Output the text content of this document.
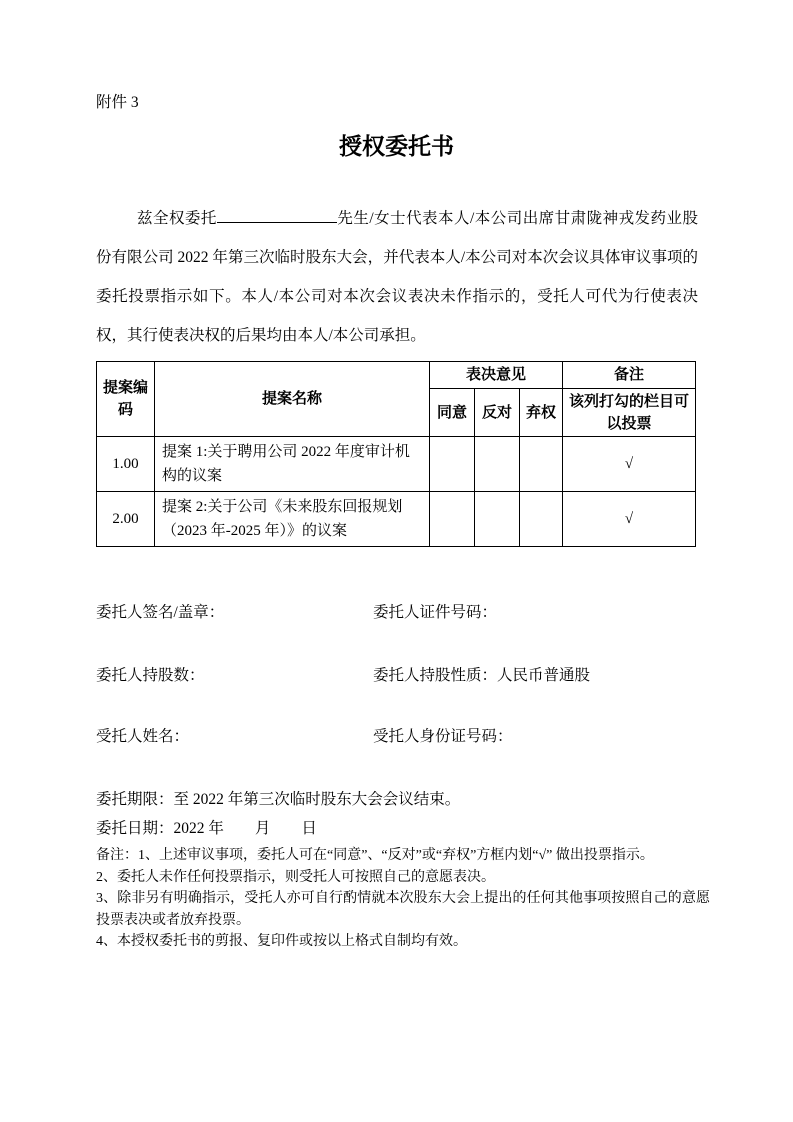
附件 3
授权委托书

兹全权委托	先生/女士代表本人/本公司出席甘肃陇神戎发药业股份有限公司 2022 年第三次临时股东大会，并代表本人/本公司对本次会议具体审议事项的委托投票指示如下。本人/本公司对本次会议表决未作指示的，受托人可代为行使表决权，其行使表决权的后果均由本人/本公司承担。

提案编码	提案名称	表决意见			备注
		同意	反对	弃权	该列打勾的栏目可以投票
1.00	提案 1:关于聘用公司 2022 年度审计机构的议案				√
2.00	提案 2:关于公司《未来股东回报规划（2023 年-2025 年）》的议案				√
委托人签名/盖章：	委托人证件号码：
委托人持股数：	委托人持股性质：人民币普通股
受托人姓名：	受托人身份证号码：
委托期限：至 2022 年第三次临时股东大会会议结束。
委托日期：2022 年　　月　　日
备注：1、上述审议事项，委托人可在“同意”、“反对”或“弃权”方框内划“√” 做出投票指示。
2、委托人未作任何投票指示，则受托人可按照自己的意愿表决。
3、除非另有明确指示，受托人亦可自行酌情就本次股东大会上提出的任何其他事项按照自己的意愿投票表决或者放弃投票。
4、本授权委托书的剪报、复印件或按以上格式自制均有效。
